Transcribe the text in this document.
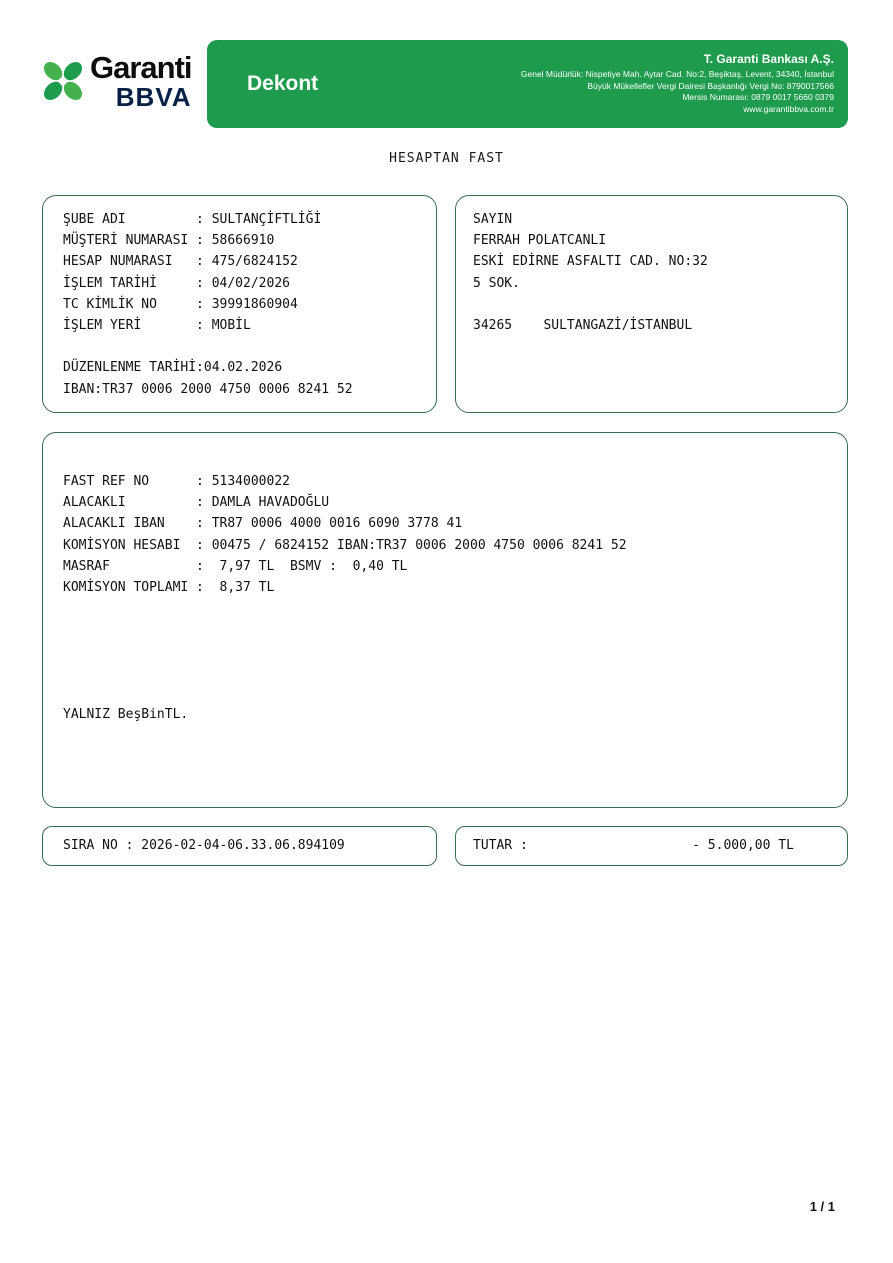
Garanti
BBVA	Dekont
T. Garanti Bankası A.Ş.
Genel Müdürlük: Nispetiye Mah. Aytar Cad. No:2, Beşiktaş, Levent, 34340, İstanbul
Büyük Mükellefler Vergi Dairesi Başkanlığı Vergi No: 8790017566
Mersis Numarası: 0879 0017 5660 0379
www.garantibbva.com.tr
HESAPTAN FAST
ŞUBE ADI         : SULTANÇİFTLİĞİ
MÜŞTERİ NUMARASI : 58666910
HESAP NUMARASI   : 475/6824152
İŞLEM TARİHİ     : 04/02/2026
TC KİMLİK NO     : 39991860904
İŞLEM YERİ       : MOBİL
DÜZENLENME TARİHİ:04.02.2026
IBAN:TR37 0006 2000 4750 0006 8241 52
SAYIN
FERRAH POLATCANLI
ESKİ EDİRNE ASFALTI CAD. NO:32
5 SOK.
34265    SULTANGAZİ/İSTANBUL
FAST REF NO      : 5134000022
ALACAKLI         : DAMLA HAVADOĞLU
ALACAKLI IBAN    : TR87 0006 4000 0016 6090 3778 41
KOMİSYON HESABI  : 00475 / 6824152 IBAN:TR37 0006 2000 4750 0006 8241 52
MASRAF           :  7,97 TL  BSMV :  0,40 TL
KOMİSYON TOPLAMI :  8,37 TL
YALNIZ BeşBinTL.
SIRA NO : 2026-02-04-06.33.06.894109	TUTAR :                     - 5.000,00 TL
1 / 1
